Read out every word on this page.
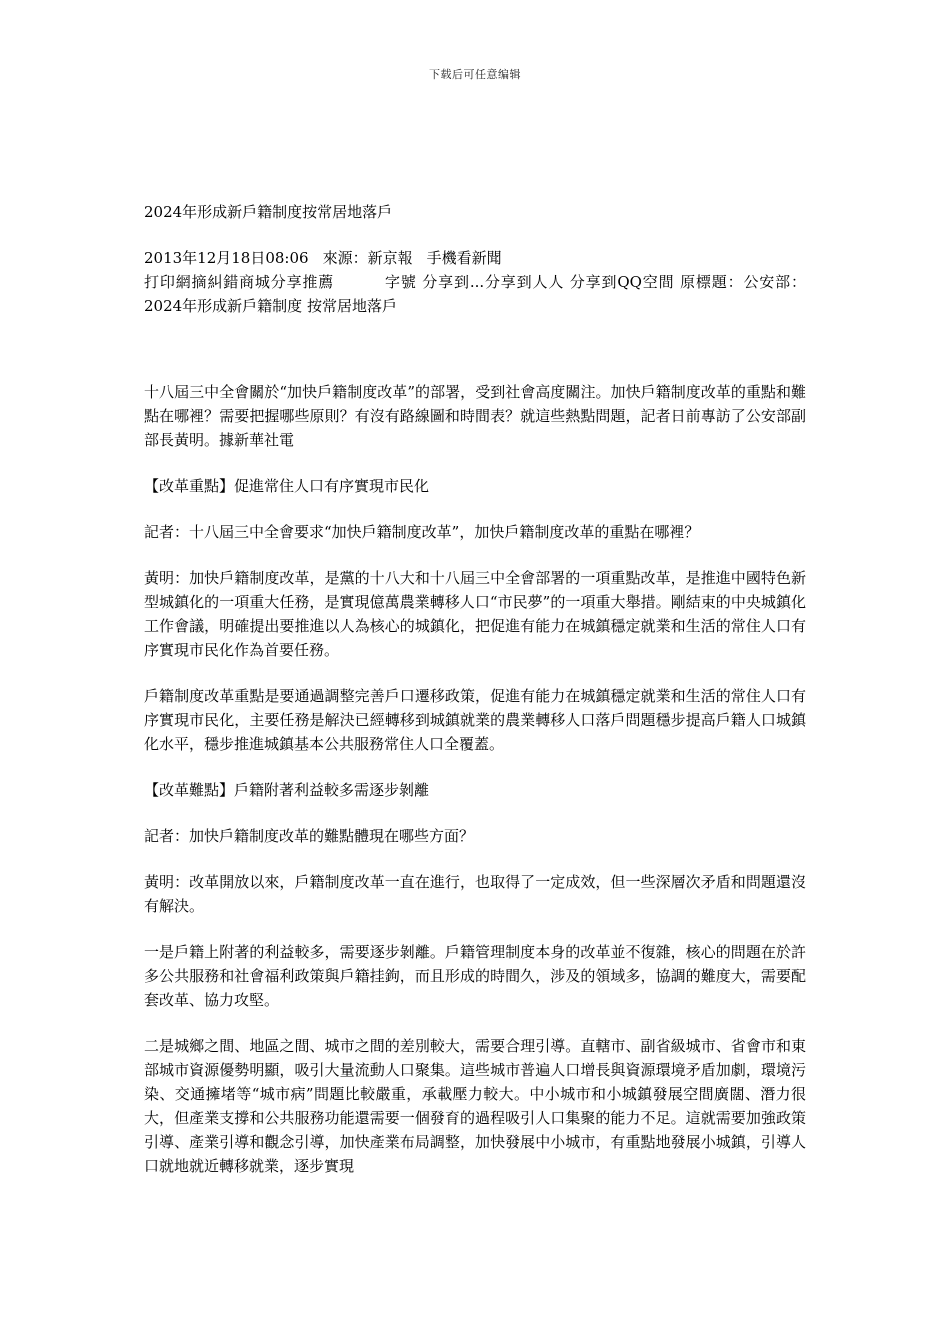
下载后可任意编辑

2024年形成新戶籍制度按常居地落戶

2013年12月18日08:06 來源：新京報 手機看新聞

打印網摘糾錯商城分享推薦	字號 分享到...分享到人人 分享到QQ空間 原標題：公安部：2024年形成新戶籍制度 按常居地落戶

十八屆三中全會關於“加快戶籍制度改革”的部署，受到社會高度關注。加快戶籍制度改革的重點和難點在哪裡？需要把握哪些原則？有沒有路線圖和時間表？就這些熱點問題，記者日前專訪了公安部副部長黃明。據新華社電

【改革重點】促進常住人口有序實現市民化

記者：十八屆三中全會要求“加快戶籍制度改革”，加快戶籍制度改革的重點在哪裡？

黃明：加快戶籍制度改革，是黨的十八大和十八屆三中全會部署的一項重點改革，是推進中國特色新型城鎮化的一項重大任務，是實現億萬農業轉移人口“市民夢”的一項重大舉措。剛結束的中央城鎮化工作會議，明確提出要推進以人為核心的城鎮化，把促進有能力在城鎮穩定就業和生活的常住人口有序實現市民化作為首要任務。

戶籍制度改革重點是要通過調整完善戶口遷移政策，促進有能力在城鎮穩定就業和生活的常住人口有序實現市民化，主要任務是解決已經轉移到城鎮就業的農業轉移人口落戶問題穩步提高戶籍人口城鎮化水平，穩步推進城鎮基本公共服務常住人口全覆蓋。

【改革難點】戶籍附著利益較多需逐步剝離

記者：加快戶籍制度改革的難點體現在哪些方面？

黃明：改革開放以來，戶籍制度改革一直在進行，也取得了一定成效，但一些深層次矛盾和問題還沒有解決。

一是戶籍上附著的利益較多，需要逐步剝離。戶籍管理制度本身的改革並不復雜，核心的問題在於許多公共服務和社會福利政策與戶籍挂鉤，而且形成的時間久，涉及的領域多，協調的難度大，需要配套改革、協力攻堅。

二是城鄉之間、地區之間、城市之間的差別較大，需要合理引導。直轄市、副省級城市、省會市和東部城市資源優勢明顯，吸引大量流動人口聚集。這些城市普遍人口增長與資源環境矛盾加劇，環境污染、交通擁堵等“城市病”問題比較嚴重，承載壓力較大。中小城市和小城鎮發展空間廣闊、潛力很大，但產業支撐和公共服務功能還需要一個發育的過程吸引人口集聚的能力不足。這就需要加強政策引導、產業引導和觀念引導，加快產業布局調整，加快發展中小城市，有重點地發展小城鎮，引導人口就地就近轉移就業，逐步實現
